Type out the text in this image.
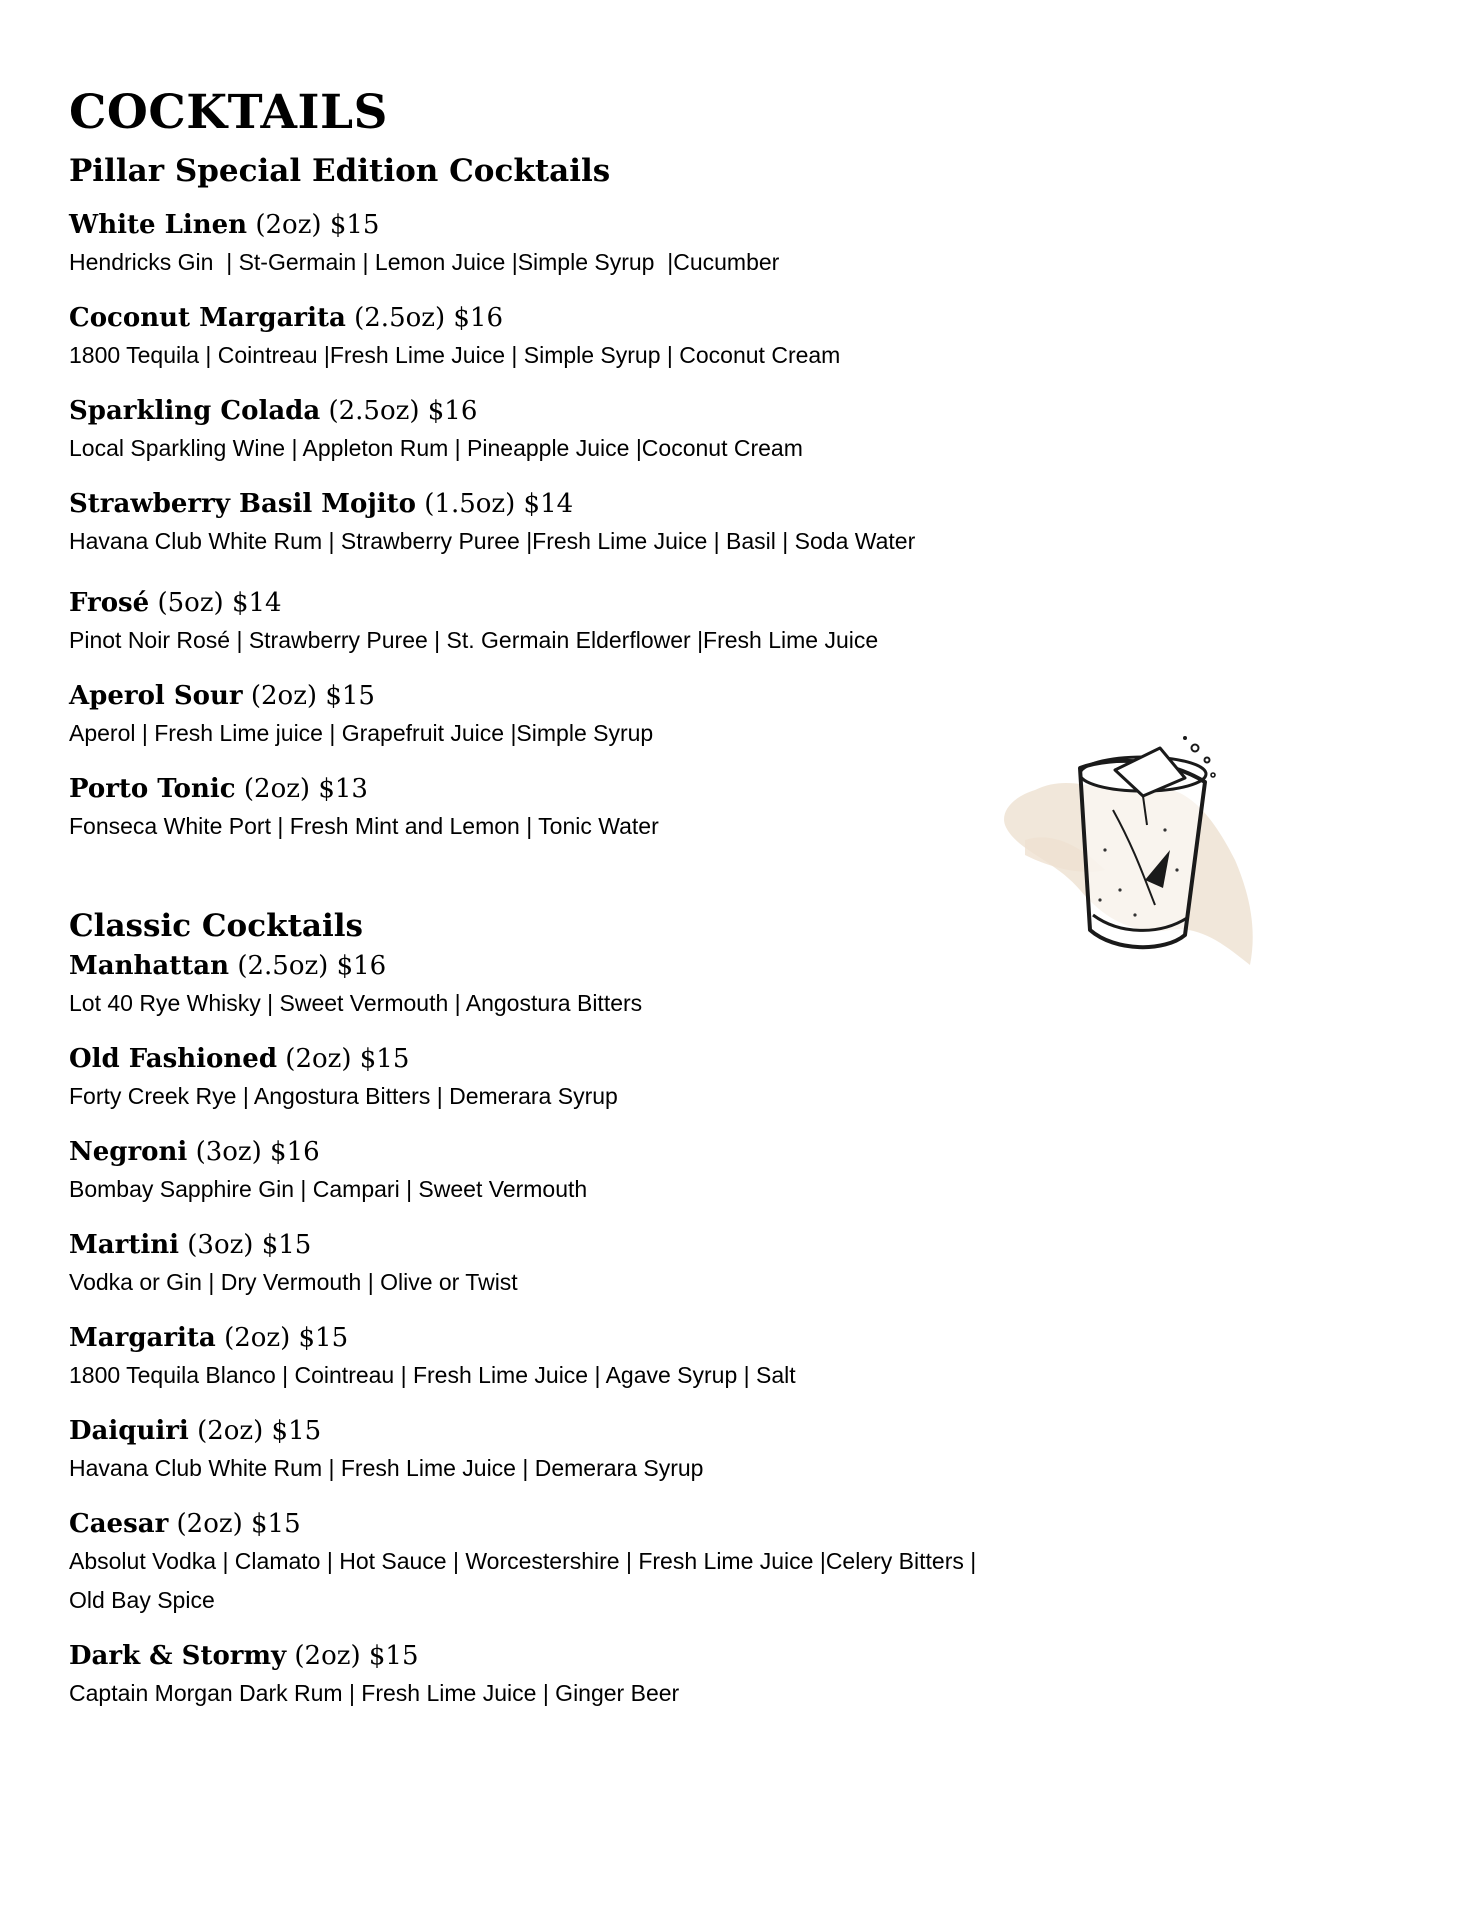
COCKTAILS
Pillar Special Edition Cocktails
White Linen (2oz) $15
Hendricks Gin  | St-Germain | Lemon Juice |Simple Syrup  |Cucumber
Coconut Margarita (2.5oz) $16
1800 Tequila | Cointreau |Fresh Lime Juice | Simple Syrup | Coconut Cream
Sparkling Colada (2.5oz) $16
Local Sparkling Wine | Appleton Rum | Pineapple Juice |Coconut Cream
Strawberry Basil Mojito (1.5oz) $14
Havana Club White Rum | Strawberry Puree |Fresh Lime Juice | Basil | Soda Water
Frosé (5oz) $14
Pinot Noir Rosé | Strawberry Puree | St. Germain Elderflower |Fresh Lime Juice
Aperol Sour (2oz) $15
Aperol | Fresh Lime juice | Grapefruit Juice |Simple Syrup
Porto Tonic (2oz) $13
Fonseca White Port | Fresh Mint and Lemon | Tonic Water
Classic Cocktails
Manhattan (2.5oz) $16
Lot 40 Rye Whisky | Sweet Vermouth | Angostura Bitters
Old Fashioned (2oz) $15
Forty Creek Rye | Angostura Bitters | Demerara Syrup
Negroni (3oz) $16
Bombay Sapphire Gin | Campari | Sweet Vermouth
Martini (3oz) $15
Vodka or Gin | Dry Vermouth | Olive or Twist
Margarita (2oz) $15
1800 Tequila Blanco | Cointreau | Fresh Lime Juice | Agave Syrup | Salt
Daiquiri (2oz) $15
Havana Club White Rum | Fresh Lime Juice | Demerara Syrup
Caesar (2oz) $15
Absolut Vodka | Clamato | Hot Sauce | Worcestershire | Fresh Lime Juice |Celery Bitters |
Old Bay Spice
Dark & Stormy (2oz) $15
Captain Morgan Dark Rum | Fresh Lime Juice | Ginger Beer
